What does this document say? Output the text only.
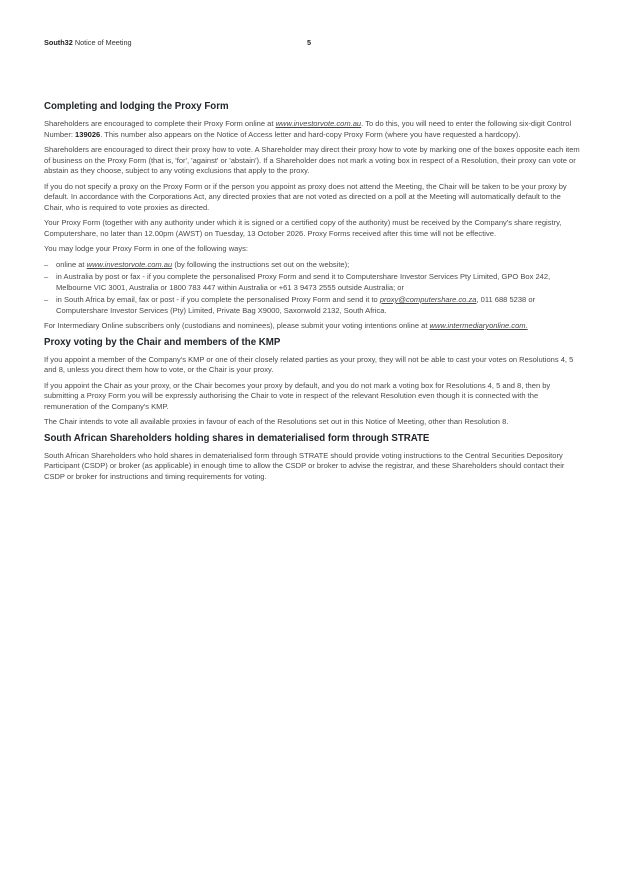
South32 Notice of Meeting	5
Completing and lodging the Proxy Form

Shareholders are encouraged to complete their Proxy Form online at www.investorvote.com.au. To do this, you will need to enter the following six-digit Control Number: 139026. This number also appears on the Notice of Access letter and hard-copy Proxy Form (where you have requested a hardcopy).

Shareholders are encouraged to direct their proxy how to vote. A Shareholder may direct their proxy how to vote by marking one of the boxes opposite each item of business on the Proxy Form (that is, 'for', 'against' or 'abstain'). If a Shareholder does not mark a voting box in respect of a Resolution, their proxy can vote or abstain as they choose, subject to any voting exclusions that apply to the proxy.

If you do not specify a proxy on the Proxy Form or if the person you appoint as proxy does not attend the Meeting, the Chair will be taken to be your proxy by default. In accordance with the Corporations Act, any directed proxies that are not voted as directed on a poll at the Meeting will automatically default to the Chair, who is required to vote proxies as directed.

Your Proxy Form (together with any authority under which it is signed or a certified copy of the authority) must be received by the Company's share registry, Computershare, no later than 12.00pm (AWST) on Tuesday, 13 October 2026. Proxy Forms received after this time will not be effective.

You may lodge your Proxy Form in one of the following ways:

– online at www.investorvote.com.au (by following the instructions set out on the website);
– in Australia by post or fax - if you complete the personalised Proxy Form and send it to Computershare Investor Services Pty Limited, GPO Box 242, Melbourne VIC 3001, Australia or 1800 783 447 within Australia or +61 3 9473 2555 outside Australia; or
– in South Africa by email, fax or post - if you complete the personalised Proxy Form and send it to proxy@computershare.co.za, 011 688 5238 or Computershare Investor Services (Pty) Limited, Private Bag X9000, Saxonwold 2132, South Africa.

For Intermediary Online subscribers only (custodians and nominees), please submit your voting intentions online at www.intermediaryonline.com.

Proxy voting by the Chair and members of the KMP

If you appoint a member of the Company's KMP or one of their closely related parties as your proxy, they will not be able to cast your votes on Resolutions 4, 5 and 8, unless you direct them how to vote, or the Chair is your proxy.

If you appoint the Chair as your proxy, or the Chair becomes your proxy by default, and you do not mark a voting box for Resolutions 4, 5 and 8, then by submitting a Proxy Form you will be expressly authorising the Chair to vote in respect of the relevant Resolution even though it is connected with the remuneration of the Company's KMP.

The Chair intends to vote all available proxies in favour of each of the Resolutions set out in this Notice of Meeting, other than Resolution 8.

South African Shareholders holding shares in dematerialised form through STRATE

South African Shareholders who hold shares in dematerialised form through STRATE should provide voting instructions to the Central Securities Depository Participant (CSDP) or broker (as applicable) in enough time to allow the CSDP or broker to advise the registrar, and these Shareholders should contact their CSDP or broker for instructions and timing requirements for voting.
